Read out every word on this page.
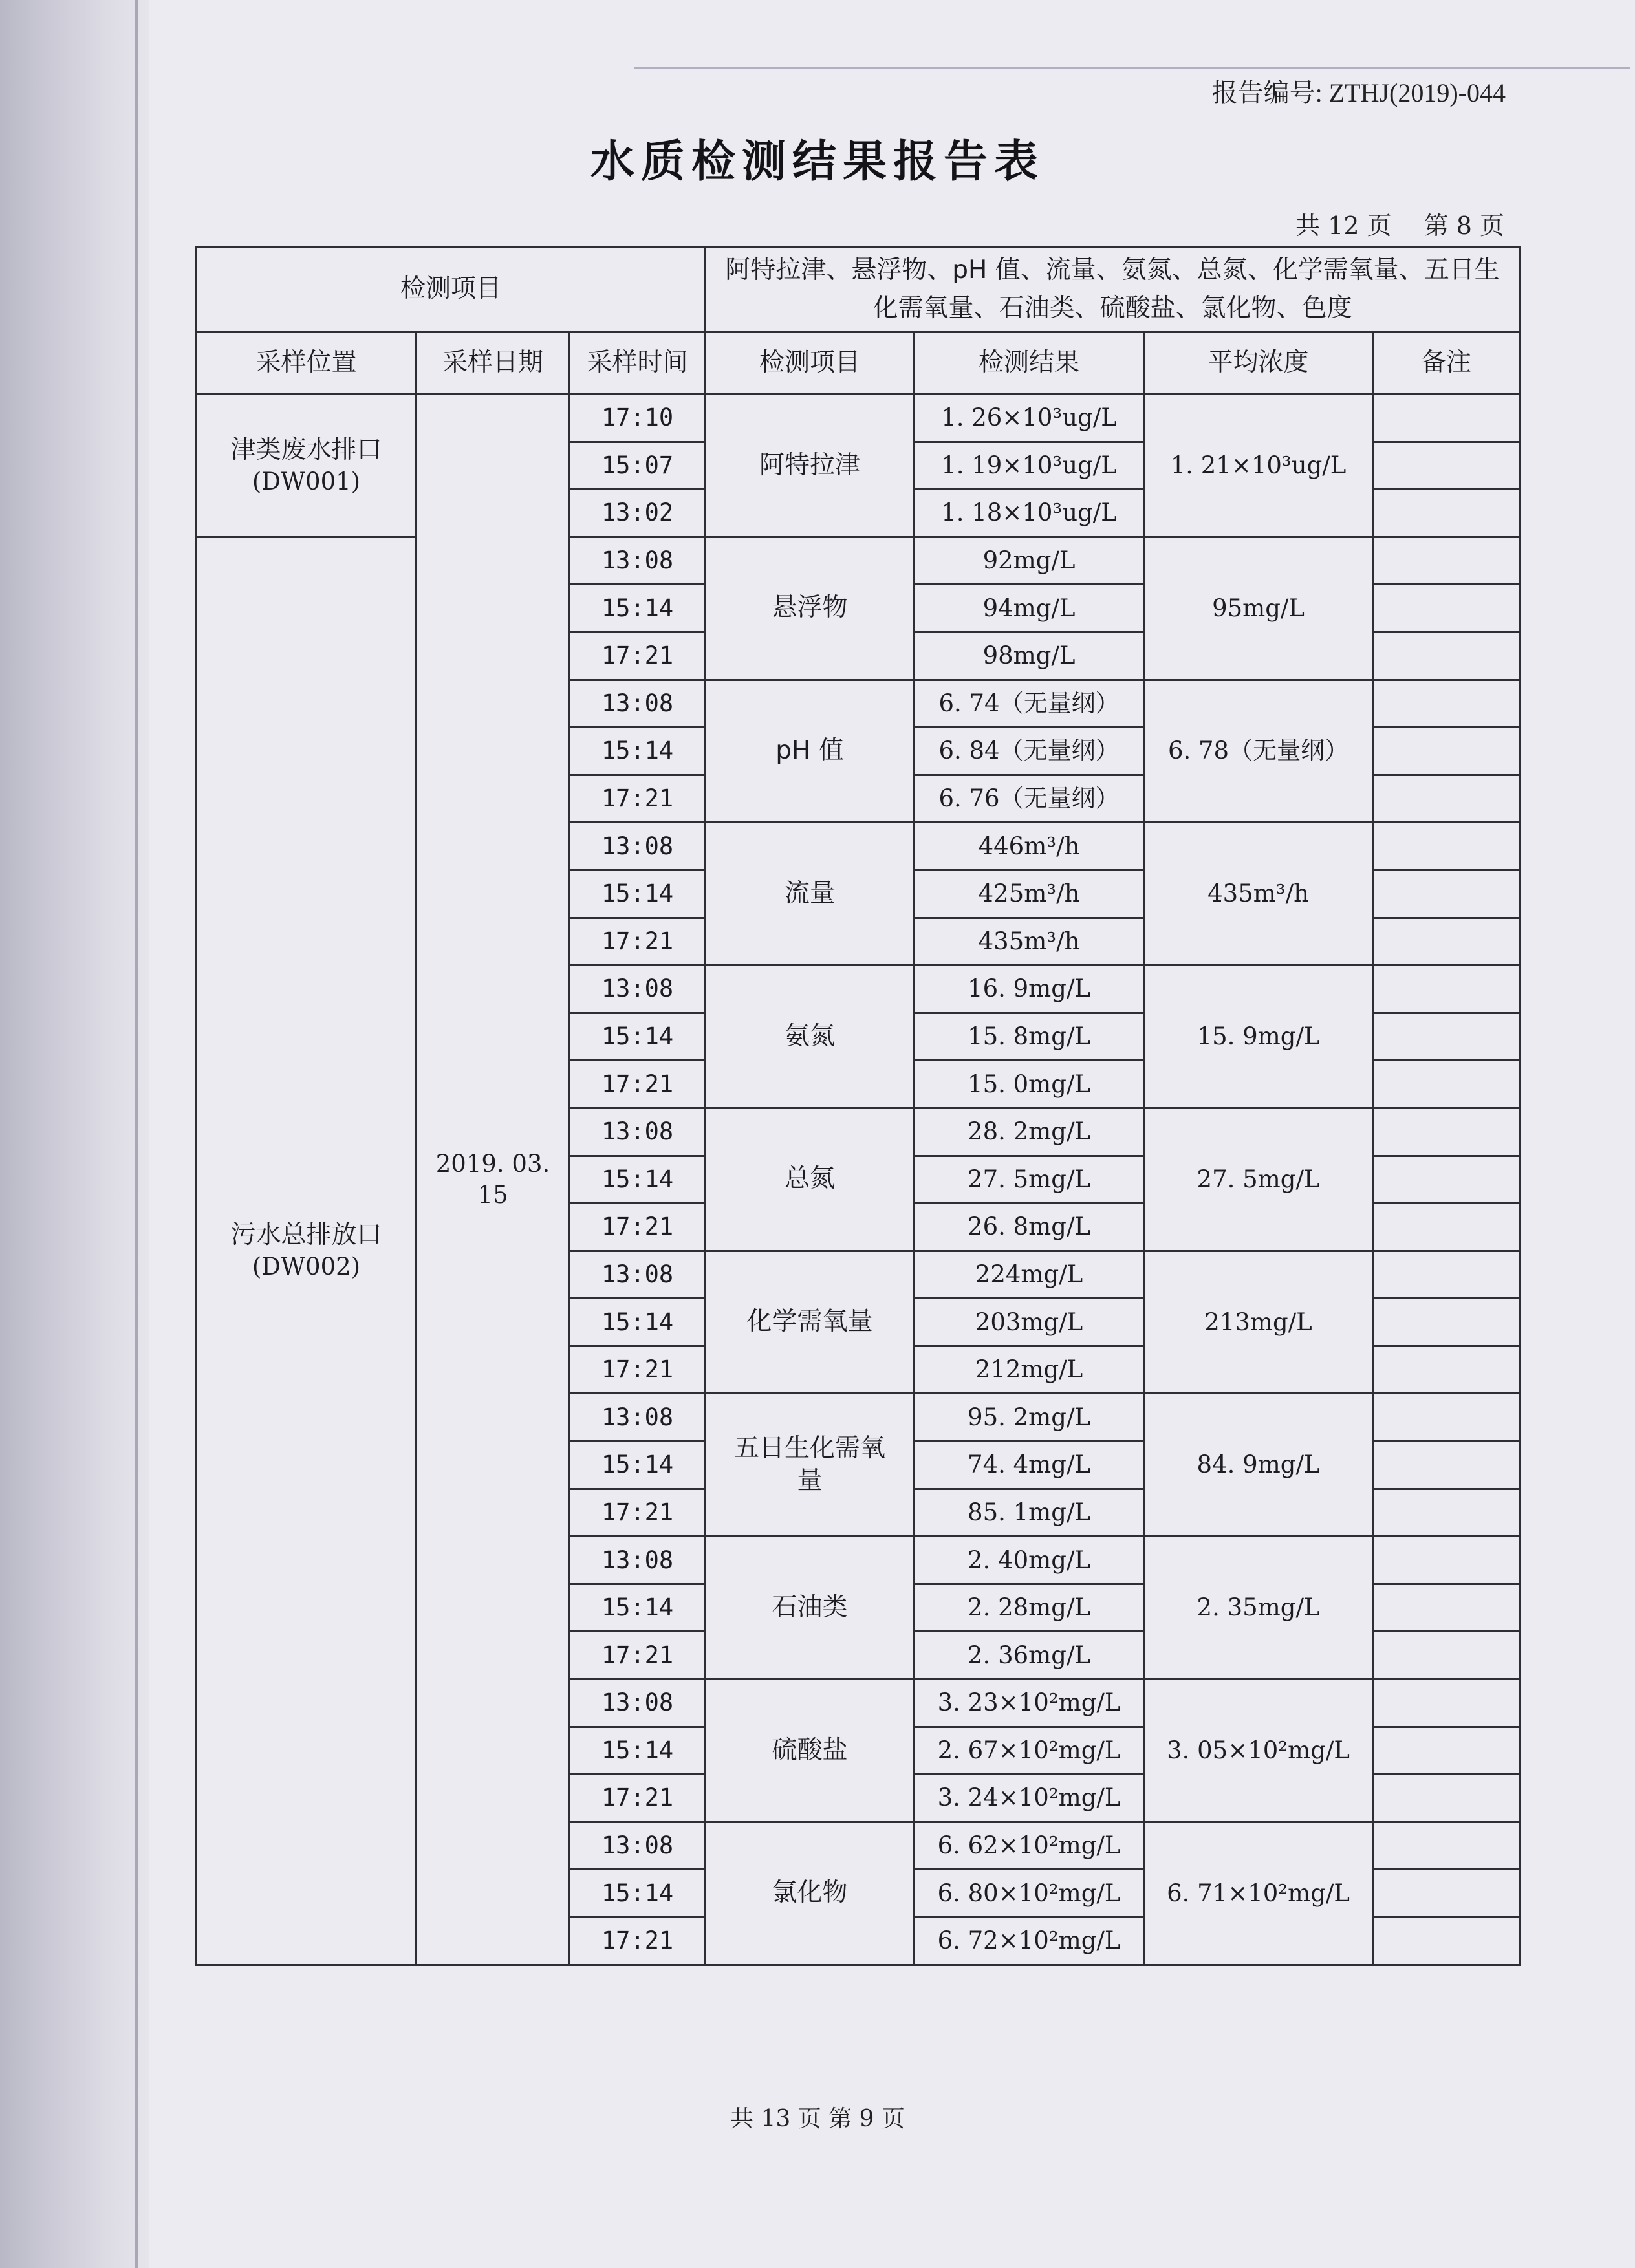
报告编号: ZTHJ(2019)-044
水质检测结果报告表
共 12 页　 第 8 页
检测项目			阿特拉津、悬浮物、pH 值、流量、氨氮、总氮、化学需氧量、五日生化需氧量、石油类、硫酸盐、氯化物、色度			
采样位置	采样日期	采样时间	检测项目	检测结果	平均浓度	备注

津类废水排口
(DW001)	2019. 03. 15	17:10	阿特拉津	1. 26×10³ug/L	1. 21×10³ug/L	
		15:07		1. 19×10³ug/L		
		13:02		1. 18×10³ug/L		

污水总排放口
(DW002)		13:08	悬浮物	92mg/L	95mg/L	
		15:14		94mg/L		
		17:21		98mg/L		
		13:08	pH 值	6. 74（无量纲）	6. 78（无量纲）	
		15:14		6. 84（无量纲）		
		17:21		6. 76（无量纲）		
		13:08	流量	446m³/h	435m³/h	
		15:14		425m³/h		
		17:21		435m³/h		
		13:08	氨氮	16. 9mg/L	15. 9mg/L	
		15:14		15. 8mg/L		
		17:21		15. 0mg/L		
		13:08	总氮	28. 2mg/L	27. 5mg/L	
		15:14		27. 5mg/L		
		17:21		26. 8mg/L		
		13:08	化学需氧量	224mg/L	213mg/L	
		15:14		203mg/L		
		17:21		212mg/L		
		13:08	五日生化需氧量	95. 2mg/L	84. 9mg/L	
		15:14		74. 4mg/L		
		17:21		85. 1mg/L		
		13:08	石油类	2. 40mg/L	2. 35mg/L	
		15:14		2. 28mg/L		
		17:21		2. 36mg/L		
		13:08	硫酸盐	3. 23×10²mg/L	3. 05×10²mg/L	
		15:14		2. 67×10²mg/L		
		17:21		3. 24×10²mg/L		
		13:08	氯化物	6. 62×10²mg/L	6. 71×10²mg/L	
		15:14		6. 80×10²mg/L		
		17:21		6. 72×10²mg/L		
共 13 页 第 9 页
